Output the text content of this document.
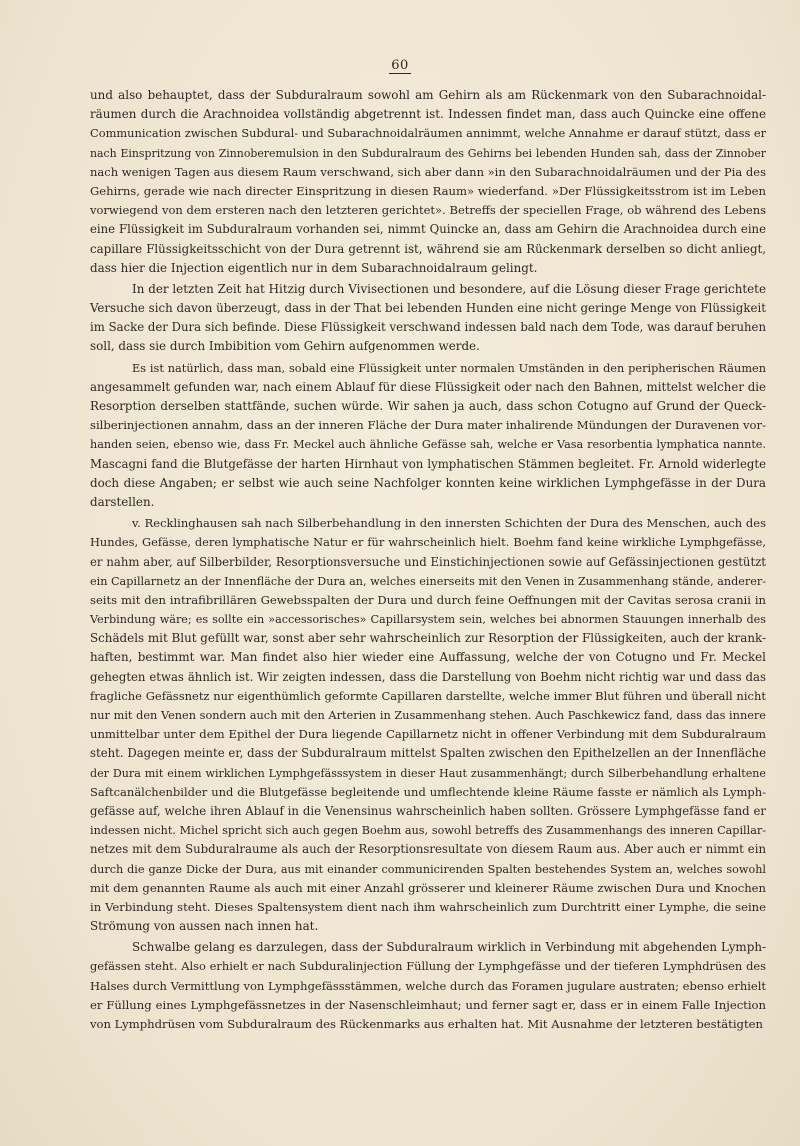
60
und also behauptet, dass der Subduralraum sowohl am Gehirn als am Rückenmark von den Subarachnoidal-
räumen durch die Arachnoidea vollständig abgetrennt ist. Indessen findet man, dass auch Quincke eine offene
Communication zwischen Subdural- und Subarachnoidalräumen annimmt, welche Annahme er darauf stützt, dass er
nach Einspritzung von Zinnoberemulsion in den Subduralraum des Gehirns bei lebenden Hunden sah, dass der Zinnober
nach wenigen Tagen aus diesem Raum verschwand, sich aber dann »in den Subarachnoidalräumen und der Pia des
Gehirns, gerade wie nach directer Einspritzung in diesen Raum» wiederfand. »Der Flüssigkeitsstrom ist im Leben
vorwiegend von dem ersteren nach den letzteren gerichtet». Betreffs der speciellen Frage, ob während des Lebens
eine Flüssigkeit im Subduralraum vorhanden sei, nimmt Quincke an, dass am Gehirn die Arachnoidea durch eine
capillare Flüssigkeitsschicht von der Dura getrennt ist, während sie am Rückenmark derselben so dicht anliegt,
dass hier die Injection eigentlich nur in dem Subarachnoidalraum gelingt.
In der letzten Zeit hat Hitzig durch Vivisectionen und besondere, auf die Lösung dieser Frage gerichtete
Versuche sich davon überzeugt, dass in der That bei lebenden Hunden eine nicht geringe Menge von Flüssigkeit
im Sacke der Dura sich befinde. Diese Flüssigkeit verschwand indessen bald nach dem Tode, was darauf beruhen
soll, dass sie durch Imbibition vom Gehirn aufgenommen werde.
Es ist natürlich, dass man, sobald eine Flüssigkeit unter normalen Umständen in den peripherischen Räumen
angesammelt gefunden war, nach einem Ablauf für diese Flüssigkeit oder nach den Bahnen, mittelst welcher die
Resorption derselben stattfände, suchen würde. Wir sahen ja auch, dass schon Cotugno auf Grund der Queck-
silberinjectionen annahm, dass an der inneren Fläche der Dura mater inhalirende Mündungen der Duravenen vor-
handen seien, ebenso wie, dass Fr. Meckel auch ähnliche Gefässe sah, welche er Vasa resorbentia lymphatica nannte.
Mascagni fand die Blutgefässe der harten Hirnhaut von lymphatischen Stämmen begleitet. Fr. Arnold widerlegte
doch diese Angaben; er selbst wie auch seine Nachfolger konnten keine wirklichen Lymphgefässe in der Dura
darstellen.
v. Recklinghausen sah nach Silberbehandlung in den innersten Schichten der Dura des Menschen, auch des
Hundes, Gefässe, deren lymphatische Natur er für wahrscheinlich hielt. Boehm fand keine wirkliche Lymphgefässe,
er nahm aber, auf Silberbilder, Resorptionsversuche und Einstichinjectionen sowie auf Gefässinjectionen gestützt
ein Capillarnetz an der Innenfläche der Dura an, welches einerseits mit den Venen in Zusammenhang stände, anderer-
seits mit den intrafibrillären Gewebsspalten der Dura und durch feine Oeffnungen mit der Cavitas serosa cranii in
Verbindung wäre; es sollte ein »accessorisches» Capillarsystem sein, welches bei abnormen Stauungen innerhalb des
Schädels mit Blut gefüllt war, sonst aber sehr wahrscheinlich zur Resorption der Flüssigkeiten, auch der krank-
haften, bestimmt war. Man findet also hier wieder eine Auffassung, welche der von Cotugno und Fr. Meckel
gehegten etwas ähnlich ist. Wir zeigten indessen, dass die Darstellung von Boehm nicht richtig war und dass das
fragliche Gefässnetz nur eigenthümlich geformte Capillaren darstellte, welche immer Blut führen und überall nicht
nur mit den Venen sondern auch mit den Arterien in Zusammenhang stehen. Auch Paschkewicz fand, dass das innere
unmittelbar unter dem Epithel der Dura liegende Capillarnetz nicht in offener Verbindung mit dem Subduralraum
steht. Dagegen meinte er, dass der Subduralraum mittelst Spalten zwischen den Epithelzellen an der Innenfläche
der Dura mit einem wirklichen Lymphgefässsystem in dieser Haut zusammenhängt; durch Silberbehandlung erhaltene
Saftcanälchenbilder und die Blutgefässe begleitende und umflechtende kleine Räume fasste er nämlich als Lymph-
gefässe auf, welche ihren Ablauf in die Venensinus wahrscheinlich haben sollten. Grössere Lymphgefässe fand er
indessen nicht. Michel spricht sich auch gegen Boehm aus, sowohl betreffs des Zusammenhangs des inneren Capillar-
netzes mit dem Subduralraume als auch der Resorptionsresultate von diesem Raum aus. Aber auch er nimmt ein
durch die ganze Dicke der Dura, aus mit einander communicirenden Spalten bestehendes System an, welches sowohl
mit dem genannten Raume als auch mit einer Anzahl grösserer und kleinerer Räume zwischen Dura und Knochen
in Verbindung steht. Dieses Spaltensystem dient nach ihm wahrscheinlich zum Durchtritt einer Lymphe, die seine
Strömung von aussen nach innen hat.
Schwalbe gelang es darzulegen, dass der Subduralraum wirklich in Verbindung mit abgehenden Lymph-
gefässen steht. Also erhielt er nach Subduralinjection Füllung der Lymphgefässe und der tieferen Lymphdrüsen des
Halses durch Vermittlung von Lymphgefässstämmen, welche durch das Foramen jugulare austraten; ebenso erhielt
er Füllung eines Lymphgefässnetzes in der Nasenschleimhaut; und ferner sagt er, dass er in einem Falle Injection
von Lymphdrüsen vom Subduralraum des Rückenmarks aus erhalten hat. Mit Ausnahme der letzteren bestätigten
